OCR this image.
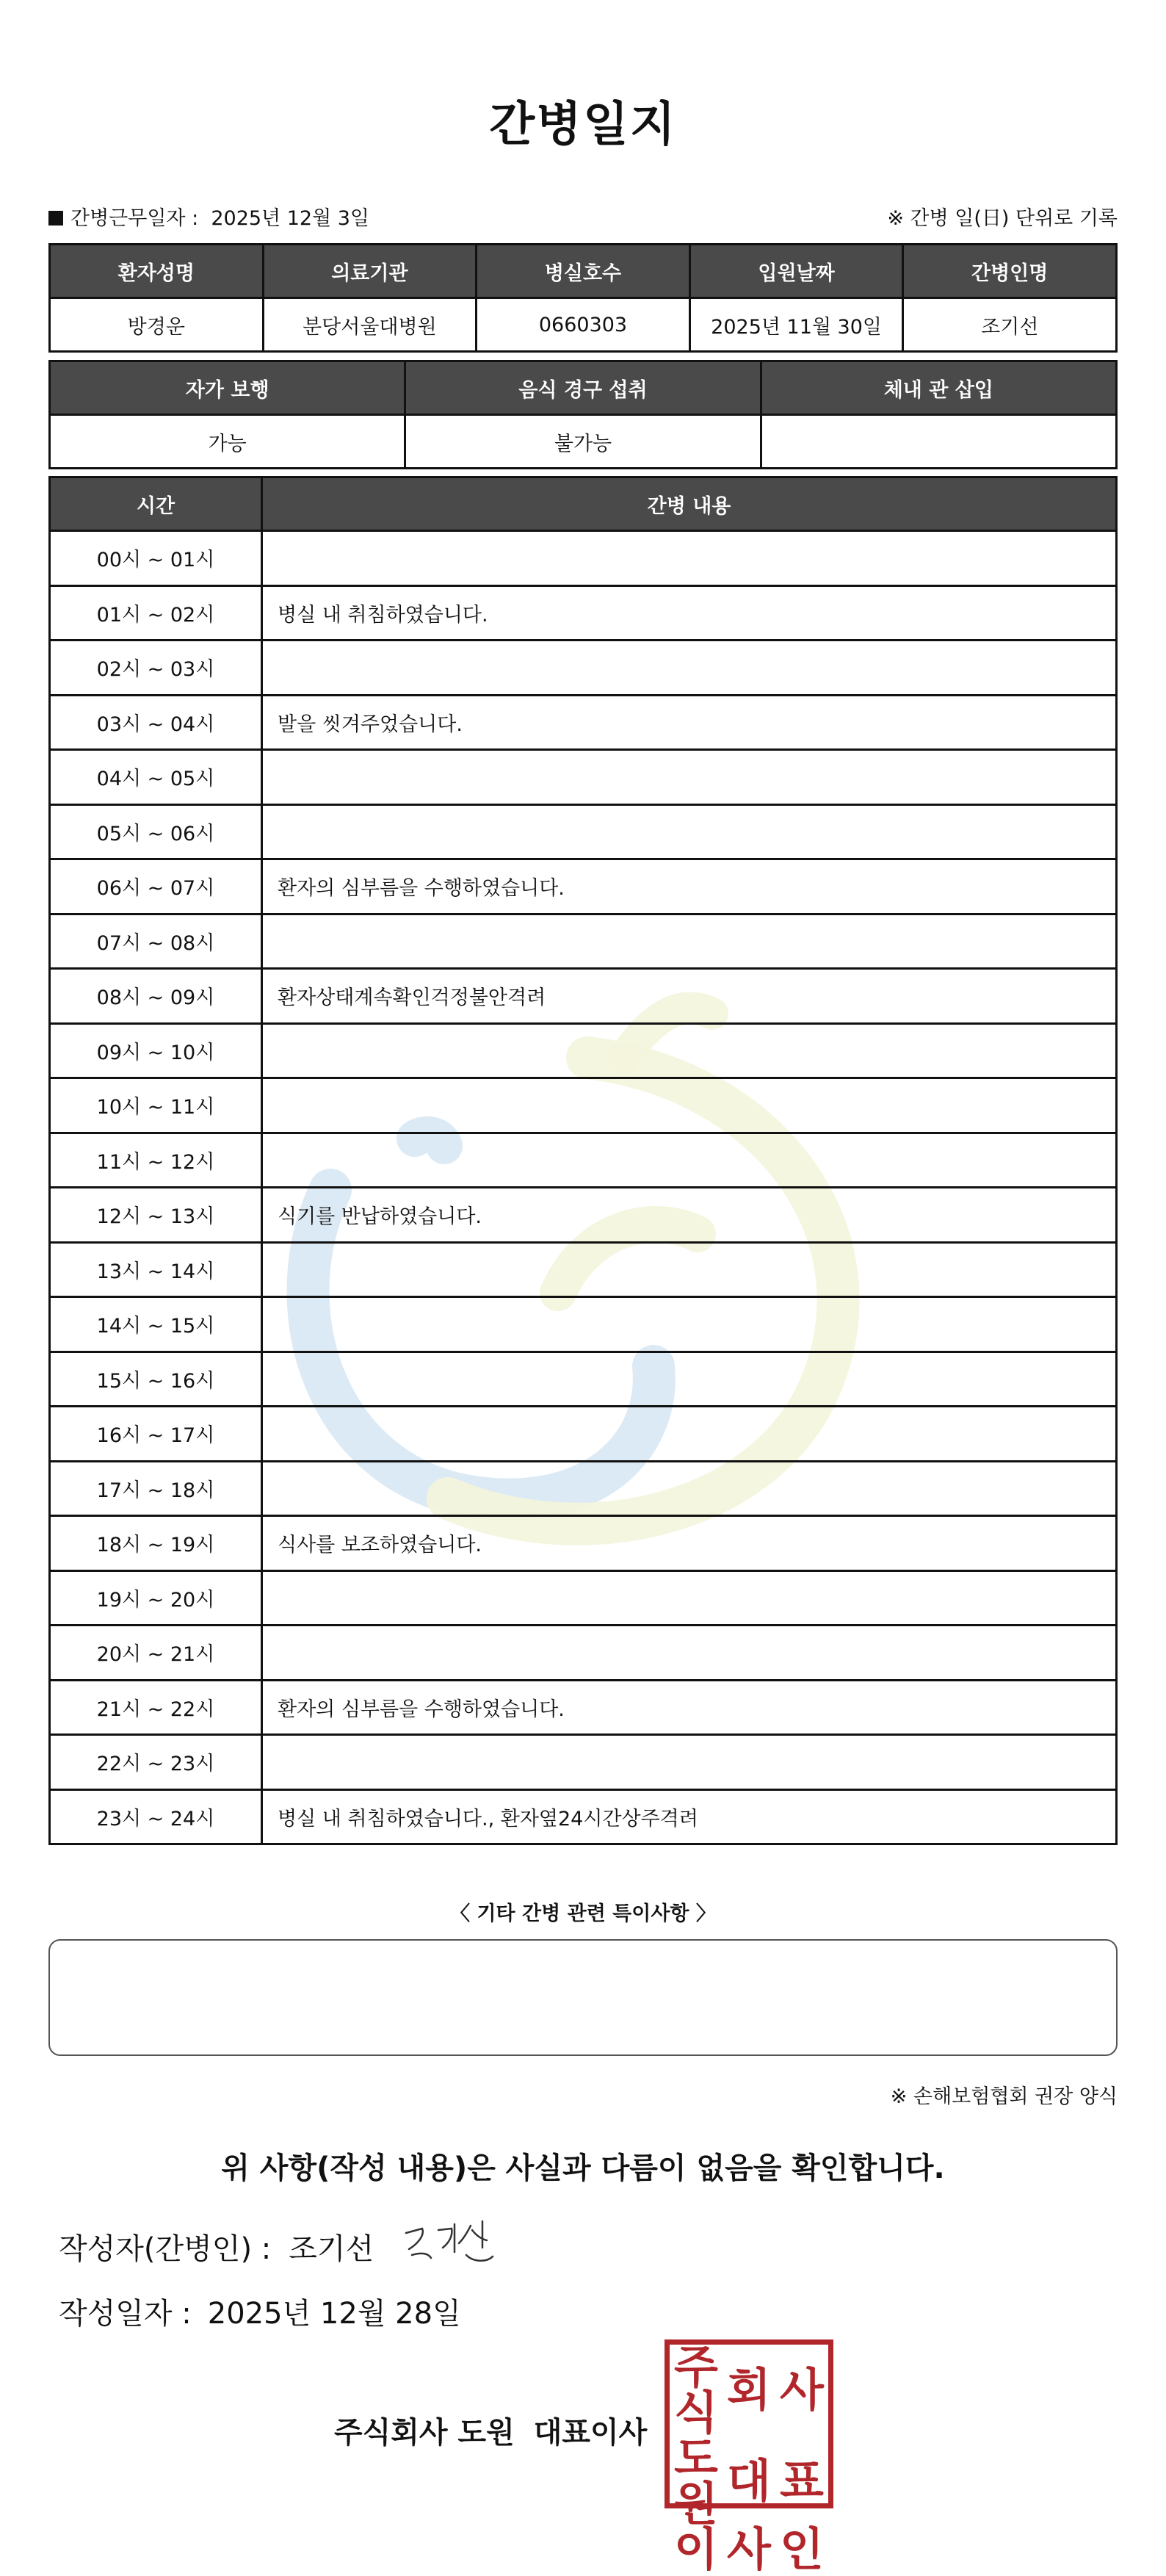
간병일지
간병근무일자 : 2025년 12월 3일	※ 간병 일(日) 단위로 기록
환자성명	의료기관	병실호수	입원날짜	간병인명
방경운	분당서울대병원	0660303	2025년 11월 30일	조기선
자가 보행	음식 경구 섭취	체내 관 삽입
가능	불가능	
시간	간병 내용
00시 ~ 01시	
01시 ~ 02시	병실 내 취침하였습니다.
02시 ~ 03시	
03시 ~ 04시	발을 씻겨주었습니다.
04시 ~ 05시	
05시 ~ 06시	
06시 ~ 07시	환자의 심부름을 수행하였습니다.
07시 ~ 08시	
08시 ~ 09시	환자상태계속확인걱정불안격려
09시 ~ 10시	
10시 ~ 11시	
11시 ~ 12시	
12시 ~ 13시	식기를 반납하였습니다.
13시 ~ 14시	
14시 ~ 15시	
15시 ~ 16시	
16시 ~ 17시	
17시 ~ 18시	
18시 ~ 19시	식사를 보조하였습니다.
19시 ~ 20시	
20시 ~ 21시	
21시 ~ 22시	환자의 심부름을 수행하였습니다.
22시 ~ 23시	
23시 ~ 24시	병실 내 취침하였습니다., 환자옆24시간상주격려
〈 기타 간병 관련 특이사항 〉
※ 손해보험협회 권장 양식
위 사항(작성 내용)은 사실과 다름이 없음을 확인합니다.
작성자(간병인) : 조기선
작성일자 : 2025년 12월 28일
주식회사 도원 대표이사
주식 회 사
도원 대 표
이 사 인
